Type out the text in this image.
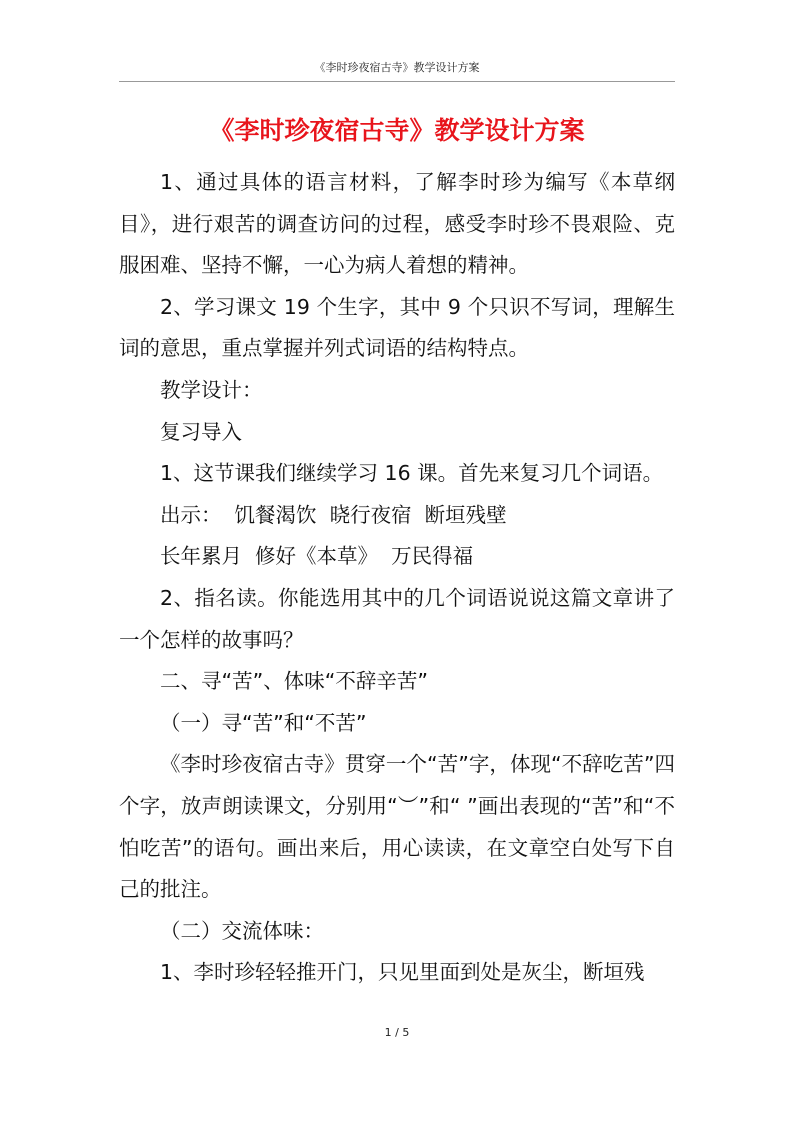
《李时珍夜宿古寺》教学设计方案
《李时珍夜宿古寺》教学设计方案

1、通过具体的语言材料，了解李时珍为编写《本草纲目》，进行艰苦的调查访问的过程，感受李时珍不畏艰险、克服困难、坚持不懈，一心为病人着想的精神。

2、学习课文 19 个生字，其中 9 个只识不写词，理解生词的意思，重点掌握并列式词语的结构特点。

教学设计：

复习导入

1、这节课我们继续学习 16 课。首先来复习几个词语。

出示：  饥餐渴饮  晓行夜宿  断垣残壁

长年累月  修好《本草》  万民得福

2、指名读。你能选用其中的几个词语说说这篇文章讲了一个怎样的故事吗？

二、寻“苦”、体味“不辞辛苦”

（一）寻“苦”和“不苦”

《李时珍夜宿古寺》贯穿一个“苦”字，体现“不辞吃苦”四个字，放声朗读课文，分别用“︶”和“ ”画出表现的“苦”和“不怕吃苦”的语句。画出来后，用心读读，在文章空白处写下自己的批注。

（二）交流体味：

1、李时珍轻轻推开门，只见里面到处是灰尘，断垣残

1 / 5
